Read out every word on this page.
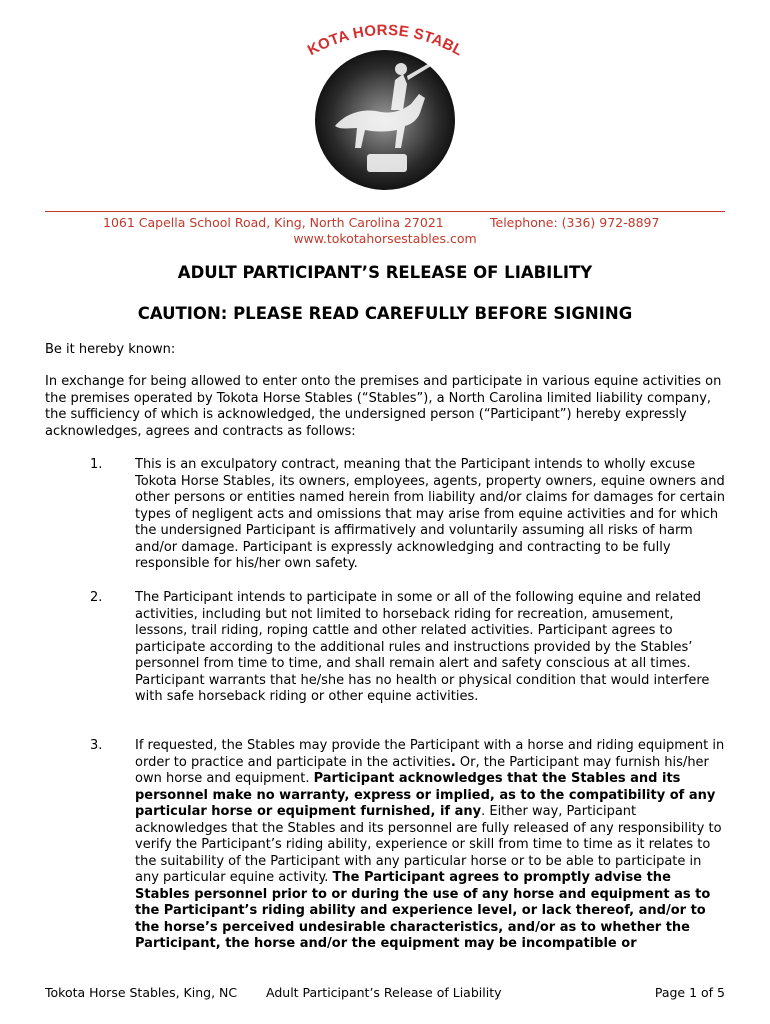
KOTA HORSE STABL
1061 Capella School Road, King, North Carolina 27021	Telephone: (336) 972-8897
www.tokotahorsestables.com
ADULT PARTICIPANT’S RELEASE OF LIABILITY
CAUTION: PLEASE READ CAREFULLY BEFORE SIGNING
Be it hereby known:
In exchange for being allowed to enter onto the premises and participate in various equine activities on the premises operated by Tokota Horse Stables (“Stables”), a North Carolina limited liability company, the sufficiency of which is acknowledged, the undersigned person (“Participant”) hereby expressly acknowledges, agrees and contracts as follows:
1.	This is an exculpatory contract, meaning that the Participant intends to wholly excuse Tokota Horse Stables, its owners, employees, agents, property owners, equine owners and other persons or entities named herein from liability and/or claims for damages for certain types of negligent acts and omissions that may arise from equine activities and for which the undersigned Participant is affirmatively and voluntarily assuming all risks of harm and/or damage. Participant is expressly acknowledging and contracting to be fully responsible for his/her own safety.
2.	The Participant intends to participate in some or all of the following equine and related activities, including but not limited to horseback riding for recreation, amusement, lessons, trail riding, roping cattle and other related activities. Participant agrees to participate according to the additional rules and instructions provided by the Stables’ personnel from time to time, and shall remain alert and safety conscious at all times. Participant warrants that he/she has no health or physical condition that would interfere with safe horseback riding or other equine activities.
3.	If requested, the Stables may provide the Participant with a horse and riding equipment in order to practice and participate in the activities. Or, the Participant may furnish his/her own horse and equipment. Participant acknowledges that the Stables and its personnel make no warranty, express or implied, as to the compatibility of any particular horse or equipment furnished, if any. Either way, Participant acknowledges that the Stables and its personnel are fully released of any responsibility to verify the Participant’s riding ability, experience or skill from time to time as it relates to the suitability of the Participant with any particular horse or to be able to participate in any particular equine activity. The Participant agrees to promptly advise the Stables personnel prior to or during the use of any horse and equipment as to the Participant’s riding ability and experience level, or lack thereof, and/or to the horse’s perceived undesirable characteristics, and/or as to whether the Participant, the horse and/or the equipment may be incompatible or
Tokota Horse Stables, King, NC Adult Participant’s Release of Liability	Page 1 of 5
